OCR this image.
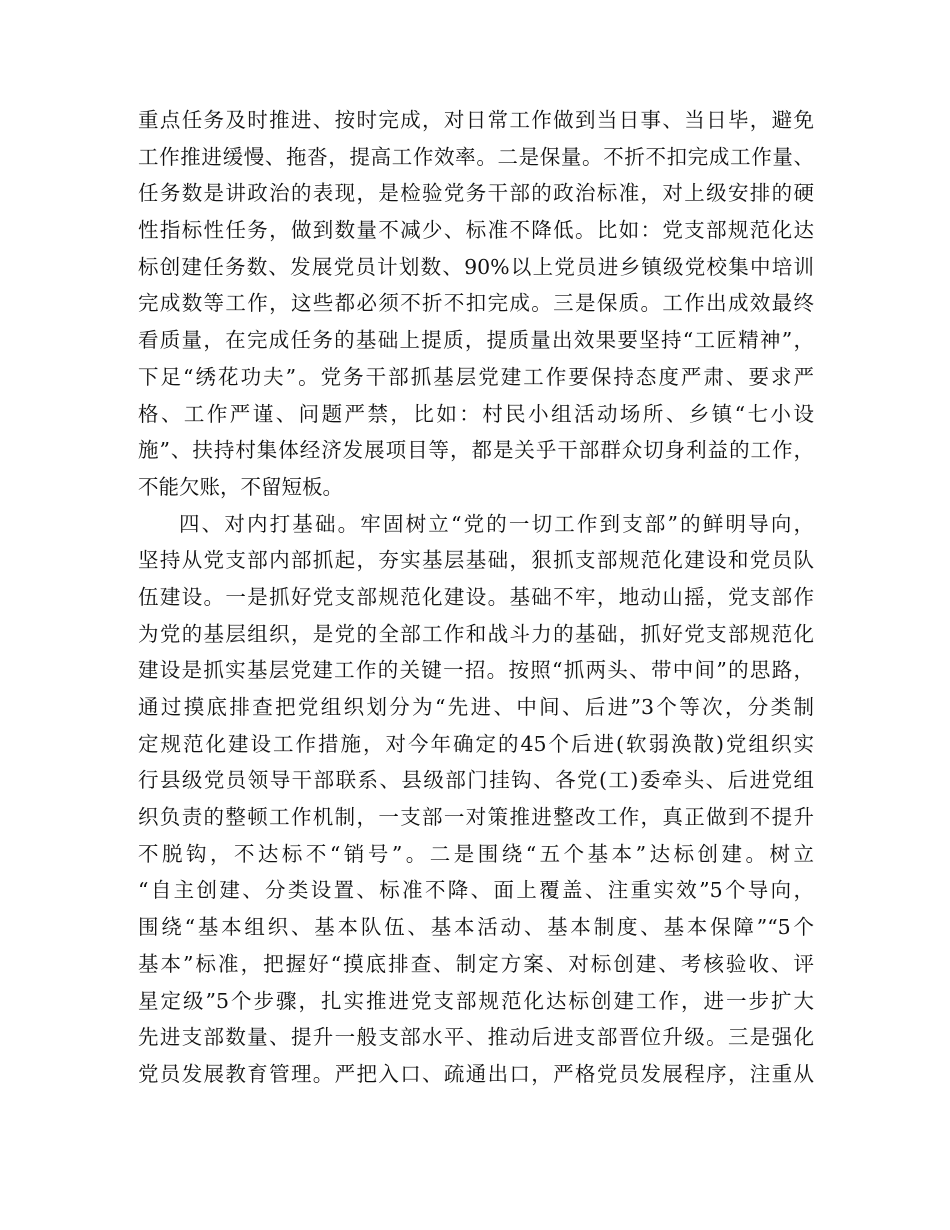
重点任务及时推进、按时完成，对日常工作做到当日事、当日毕，避免
工作推进缓慢、拖沓，提高工作效率。二是保量。不折不扣完成工作量、
任务数是讲政治的表现，是检验党务干部的政治标准，对上级安排的硬
性指标性任务，做到数量不减少、标准不降低。比如：党支部规范化达
标创建任务数、发展党员计划数、90%以上党员进乡镇级党校集中培训
完成数等工作，这些都必须不折不扣完成。三是保质。工作出成效最终
看质量，在完成任务的基础上提质，提质量出效果要坚持“工匠精神”，
下足“绣花功夫”。党务干部抓基层党建工作要保持态度严肃、要求严
格、工作严谨、问题严禁，比如：村民小组活动场所、乡镇“七小设
施”、扶持村集体经济发展项目等，都是关乎干部群众切身利益的工作，
不能欠账，不留短板。
四、对内打基础。牢固树立“党的一切工作到支部”的鲜明导向，
坚持从党支部内部抓起，夯实基层基础，狠抓支部规范化建设和党员队
伍建设。一是抓好党支部规范化建设。基础不牢，地动山摇，党支部作
为党的基层组织，是党的全部工作和战斗力的基础，抓好党支部规范化
建设是抓实基层党建工作的关键一招。按照“抓两头、带中间”的思路，
通过摸底排查把党组织划分为“先进、中间、后进”3个等次，分类制
定规范化建设工作措施，对今年确定的45个后进(软弱涣散)党组织实
行县级党员领导干部联系、县级部门挂钩、各党(工)委牵头、后进党组
织负责的整顿工作机制，一支部一对策推进整改工作，真正做到不提升
不脱钩，不达标不“销号”。二是围绕“五个基本”达标创建。树立
“自主创建、分类设置、标准不降、面上覆盖、注重实效”5个导向，
围绕“基本组织、基本队伍、基本活动、基本制度、基本保障”“5个
基本”标准，把握好“摸底排查、制定方案、对标创建、考核验收、评
星定级”5个步骤，扎实推进党支部规范化达标创建工作，进一步扩大
先进支部数量、提升一般支部水平、推动后进支部晋位升级。三是强化
党员发展教育管理。严把入口、疏通出口，严格党员发展程序，注重从
